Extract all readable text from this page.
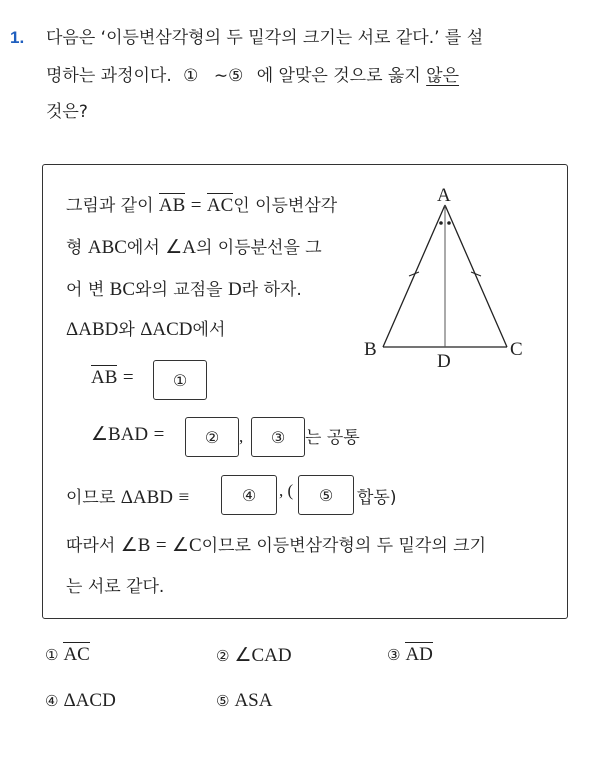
1. 다음은 ‘이등변삼각형의 두 밑각의 크기는 서로 같다.’ 를 설
명하는 과정이다. ① ∼⑤ 에 알맞은 것으로 옳지 않은
것은?
그림과 같이 AB = AC인 이등변삼각
형 ABC에서 ∠A의 이등분선을 그
어 변 BC와의 교점을 D라 하자.
ΔABD와 ΔACD에서
AB =	①
∠BAD =	②	,	③	는 공통
이므로 ΔABD ≡	④	, (	⑤	합동)
따라서 ∠B = ∠C이므로 이등변삼각형의 두 밑각의 크기
는 서로 같다.
A
B	C
D
① AC	② ∠CAD	③ AD
④ ΔACD	⑤ ASA
